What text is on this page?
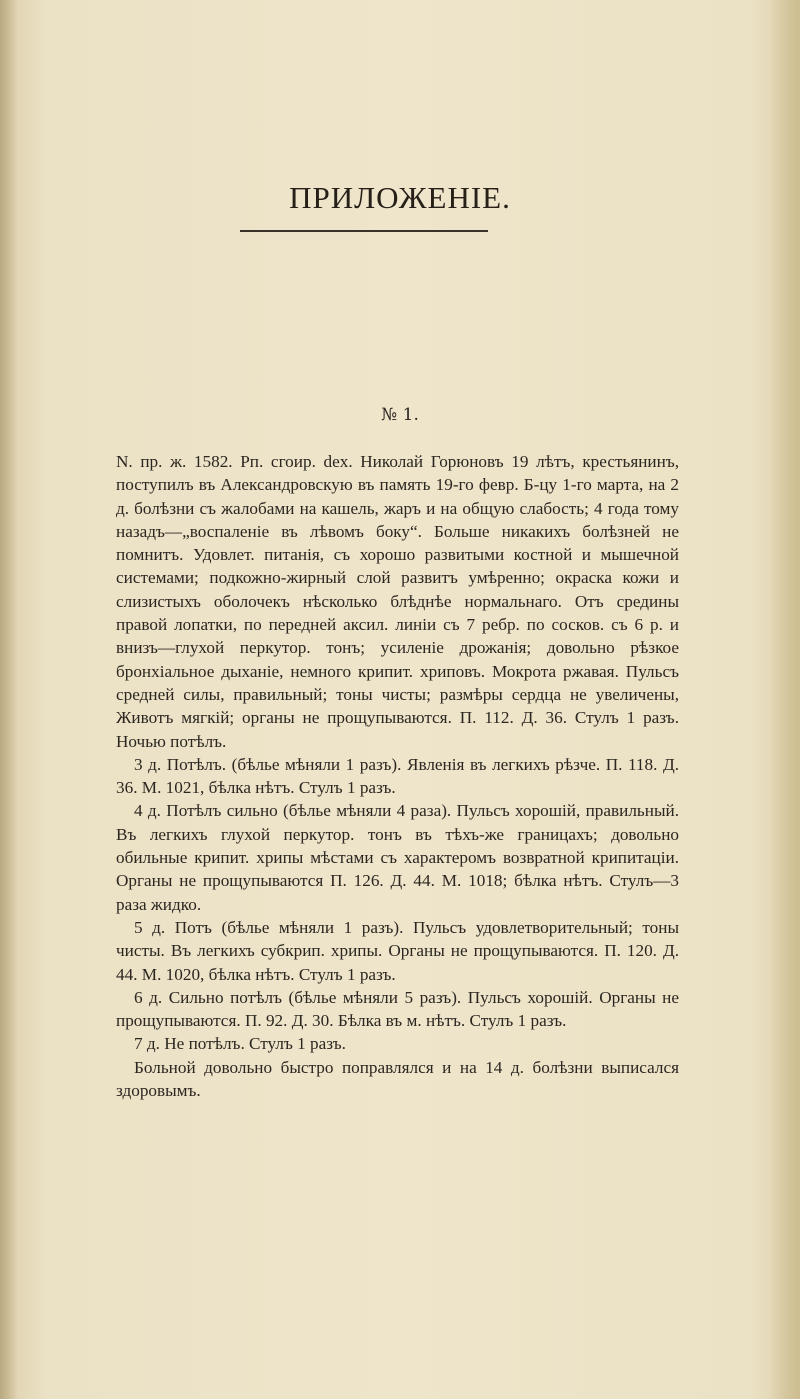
ПРИЛОЖЕНІЕ.
№ 1.

N. пр. ж. 1582. Рп. сгоир. dex. Николай Горюновъ 19 лѣтъ, крестьянинъ, поступилъ въ Александровскую въ память 19-го февр. Б-цу 1-го марта, на 2 д. болѣзни съ жалобами на кашель, жаръ и на общую слабость; 4 года тому назадъ—„воспаленіе въ лѣвомъ боку“. Больше никакихъ болѣзней не помнитъ. Удовлет. питанія, съ хорошо развитыми костной и мышечной системами; подкожно-жирный слой развитъ умѣренно; окраска кожи и слизистыхъ оболочекъ нѣсколько блѣднѣе нормальнаго. Отъ средины правой лопатки, по передней аксил. линіи съ 7 ребр. по сосков. съ 6 р. и внизъ—глухой перкутор. тонъ; усиленіе дрожанія; довольно рѣзкое бронхіальное дыханіе, немного крипит. хриповъ. Мокрота ржавая. Пульсъ средней силы, правильный; тоны чисты; размѣры сердца не увеличены, Животъ мягкій; органы не прощупываются. П. 112. Д. 36. Стулъ 1 разъ. Ночью потѣлъ.

3 д. Потѣлъ. (бѣлье мѣняли 1 разъ). Явленія въ легкихъ рѣзче. П. 118. Д. 36. М. 1021, бѣлка нѣтъ. Стулъ 1 разъ.

4 д. Потѣлъ сильно (бѣлье мѣняли 4 раза). Пульсъ хорошій, правильный. Въ легкихъ глухой перкутор. тонъ въ тѣхъ-же границахъ; довольно обильные крипит. хрипы мѣстами съ характеромъ возвратной крипитаціи. Органы не прощупываются П. 126. Д. 44. М. 1018; бѣлка нѣтъ. Стулъ—3 раза жидко.

5 д. Потъ (бѣлье мѣняли 1 разъ). Пульсъ удовлетворительный; тоны чисты. Въ легкихъ субкрип. хрипы. Органы не прощупываются. П. 120. Д. 44. М. 1020, бѣлка нѣтъ. Стулъ 1 разъ.

6 д. Сильно потѣлъ (бѣлье мѣняли 5 разъ). Пульсъ хорошій. Органы не прощупываются. П. 92. Д. 30. Бѣлка въ м. нѣтъ. Стулъ 1 разъ.

7 д. Не потѣлъ. Стулъ 1 разъ.

Больной довольно быстро поправлялся и на 14 д. болѣзни выписался здоровымъ.
